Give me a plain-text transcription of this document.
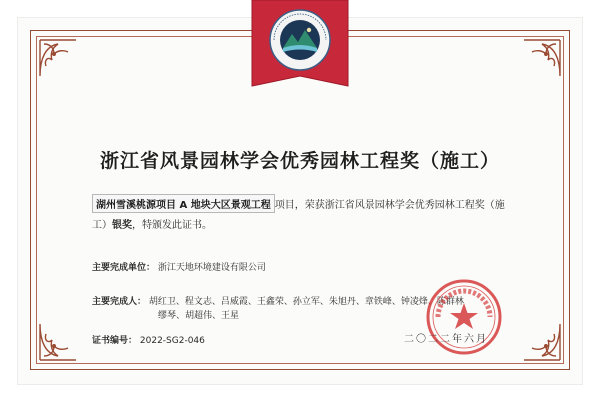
浙江省风景园林学会优秀园林工程奖（施工）
湖州雪溪桃源项目 A 地块大区景观工程 项目，荣获浙江省风景园林学会优秀园林工程奖（施
工）银奖，特颁发此证书。
主要完成单位： 浙江天地环境建设有限公司
主要完成人： 胡红卫、程文志、吕威霞、王鑫荣、孙立军、朱旭丹、章铁峰、钟凌烽、陈群林
缪琴、胡超伟、王星
证书编号： 2022-SG2-046	二〇二二年六月
